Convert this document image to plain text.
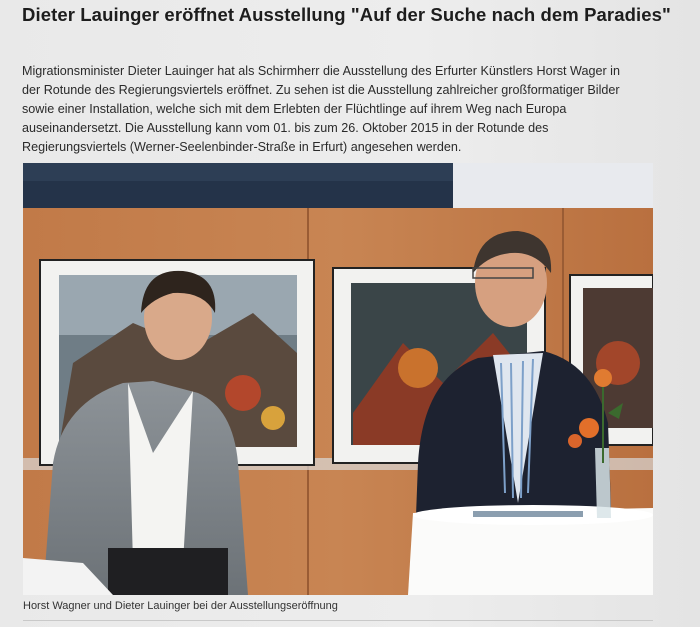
Dieter Lauinger eröffnet Ausstellung "Auf der Suche nach dem Paradies"
Migrationsminister Dieter Lauinger hat als Schirmherr die Ausstellung des Erfurter Künstlers Horst Wager in
der Rotunde des Regierungsviertels eröffnet. Zu sehen ist die Ausstellung zahlreicher großformatiger Bilder
sowie einer Installation, welche sich mit dem Erlebten der Flüchtlinge auf ihrem Weg nach Europa
auseinandersetzt. Die Ausstellung kann vom 01. bis zum 26. Oktober 2015 in der Rotunde des
Regierungsviertels (Werner-Seelenbinder-Straße in Erfurt) angesehen werden.
Horst Wagner und Dieter Lauinger bei der Ausstellungseröffnung
